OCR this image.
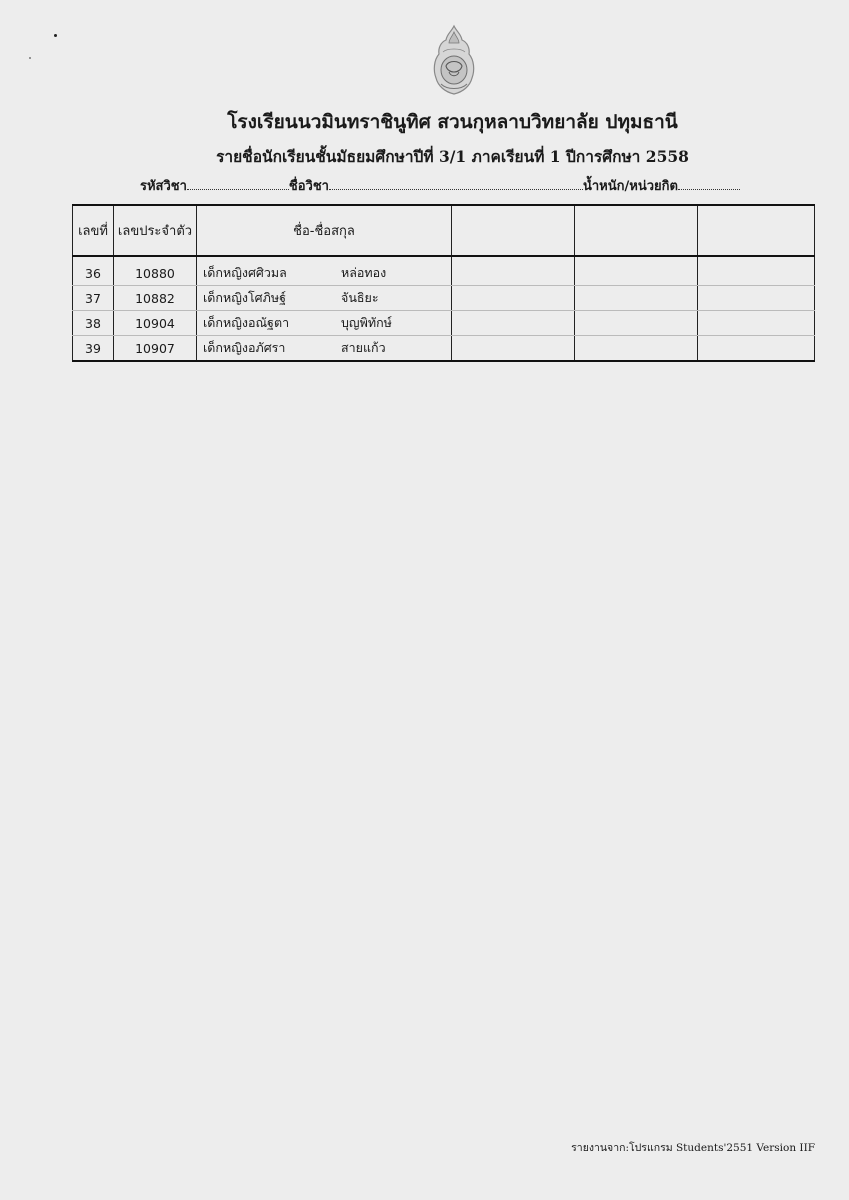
โรงเรียนนวมินทราชินูทิศ สวนกุหลาบวิทยาลัย ปทุมธานี
รายชื่อนักเรียนชั้นมัธยมศึกษาปีที่ 3/1 ภาคเรียนที่ 1 ปีการศึกษา 2558
รหัสวิชา	ชื่อวิชา	น้ำหนัก/หน่วยกิต
เลขที่	เลขประจำตัว	ชื่อ-ชื่อสกุล			
36	10880	เด็กหญิงศศิวมล หล่อทอง			
37	10882	เด็กหญิงโศภิษฐ์ จันธิยะ			
38	10904	เด็กหญิงอณัฐตา บุญพิทักษ์			
39	10907	เด็กหญิงอภัศรา สายแก้ว			
รายงานจาก:โปรแกรม Students'2551 Version IIF
